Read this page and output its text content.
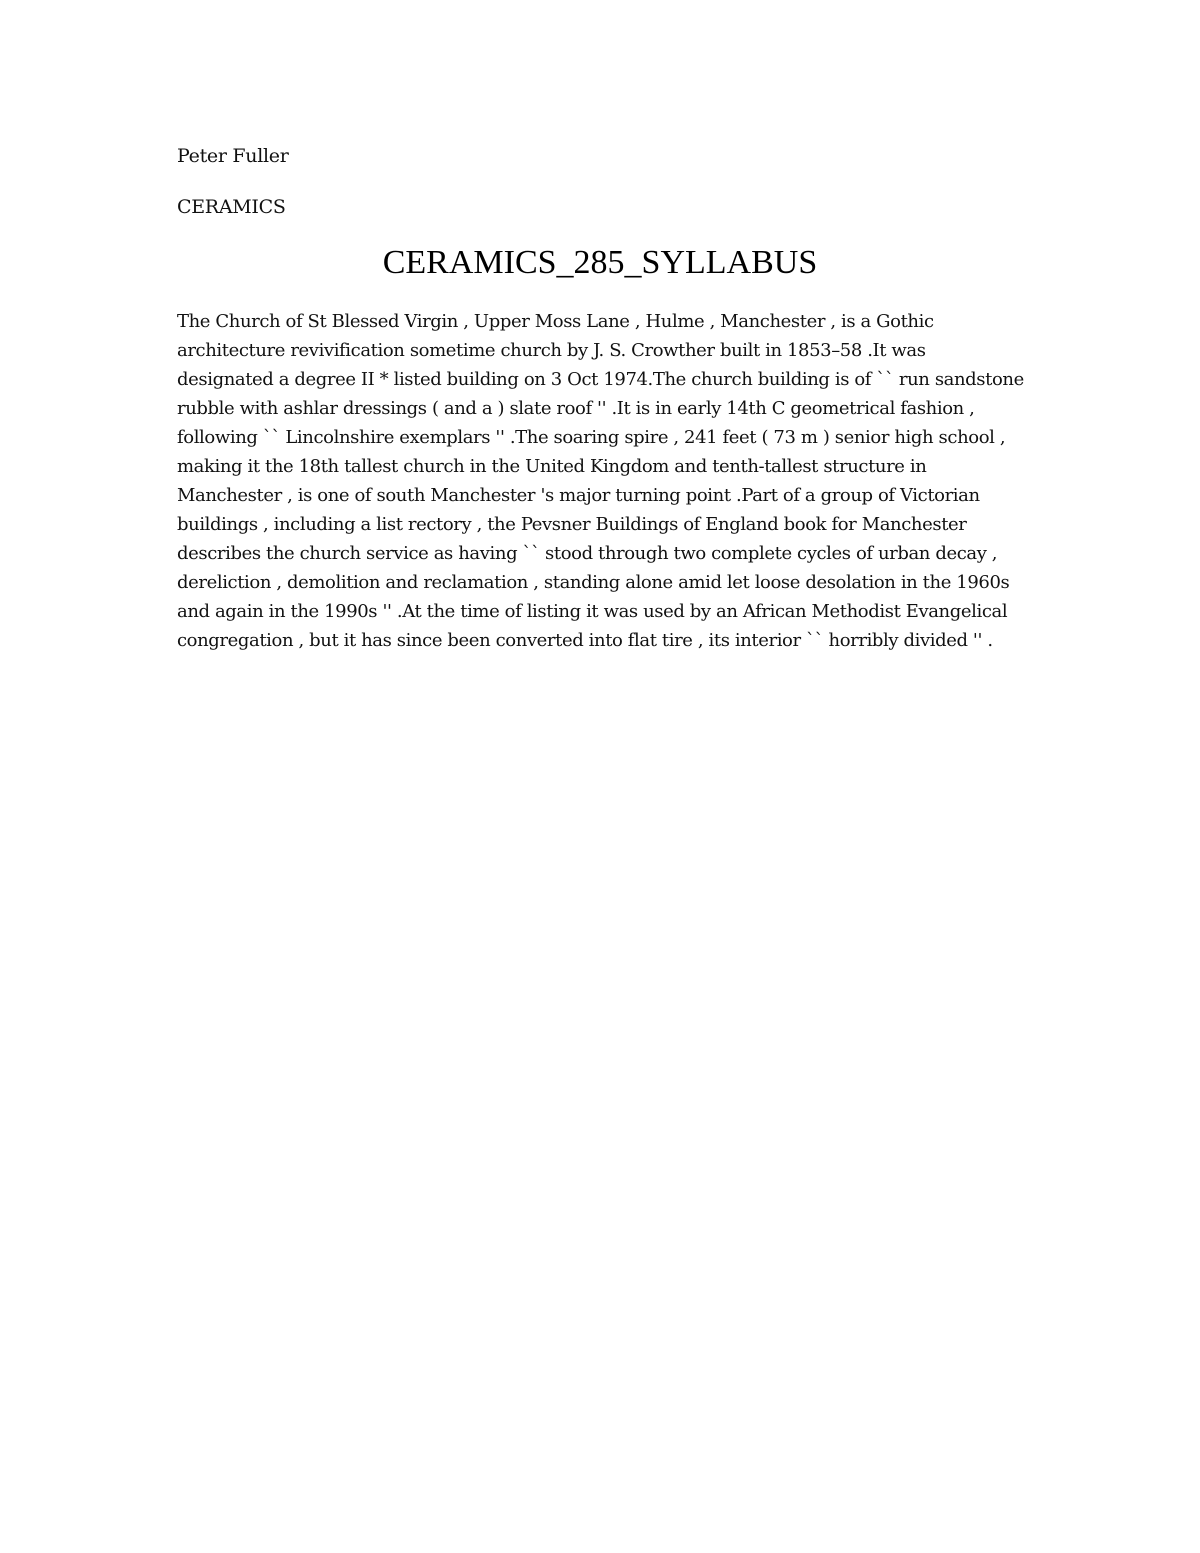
Peter Fuller
CERAMICS
CERAMICS_285_SYLLABUS
The Church of St Blessed Virgin , Upper Moss Lane , Hulme , Manchester , is a Gothic architecture revivification sometime church by J. S. Crowther built in 1853–58 .It was designated a degree II * listed building on 3 Oct 1974.The church building is of `` run sandstone rubble with ashlar dressings ( and a ) slate roof '' .It is in early 14th C geometrical fashion , following `` Lincolnshire exemplars '' .The soaring spire , 241 feet ( 73 m ) senior high school , making it the 18th tallest church in the United Kingdom and tenth-tallest structure in Manchester , is one of south Manchester 's major turning point .Part of a group of Victorian buildings , including a list rectory , the Pevsner Buildings of England book for Manchester describes the church service as having `` stood through two complete cycles of urban decay , dereliction , demolition and reclamation , standing alone amid let loose desolation in the 1960s and again in the 1990s '' .At the time of listing it was used by an African Methodist Evangelical congregation , but it has since been converted into flat tire , its interior `` horribly divided '' .
